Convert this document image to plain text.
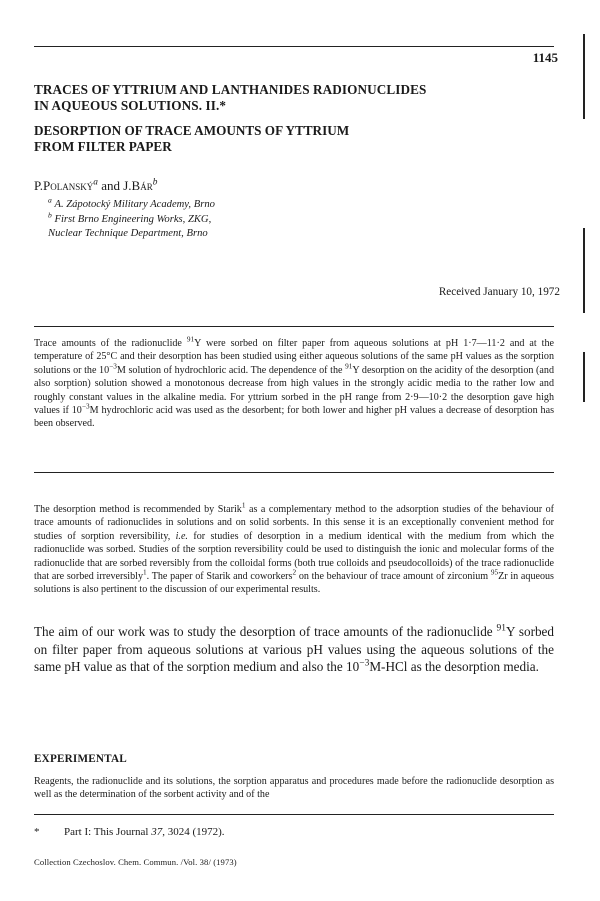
1145
TRACES OF YTTRIUM AND LANTHANIDES RADIONUCLIDES
IN AQUEOUS SOLUTIONS. II.*
DESORPTION OF TRACE AMOUNTS OF YTTRIUM
FROM FILTER PAPER
P.Polanský$^a$ and J.Bár$^b$
$^a$ A. Zápotocký Military Academy, Brno
$^b$ First Brno Engineering Works, ZKG,
Nuclear Technique Department, Brno
Received January 10, 1972

Trace amounts of the radionuclide $^{91}$Y were sorbed on filter paper from aqueous solutions at pH 1·7—11·2 and at the temperature of 25°C and their desorption has been studied using either aqueous solutions of the same pH values as the sorption solutions or the $10^{-3}M$ solution of hydrochloric acid. The dependence of the $^{91}$Y desorption on the acidity of the desorption (and also sorption) solution showed a monotonous decrease from high values in the strongly acidic media to the rather low and roughly constant values in the alkaline media. For yttrium sorbed in the pH range from 2·9—10·2 the desorption gave high values if $10^{-3}M$ hydrochloric acid was used as the desorbent; for both lower and higher pH values a decrease of desorption has been observed.

The desorption method is recommended by Starik$^1$ as a complementary method to the adsorption studies of the behaviour of trace amounts of radionuclides in solutions and on solid sorbents. In this sense it is an exceptionally convenient method for studies of sorption reversibility, i.e. for studies of desorption in a medium identical with the medium from which the radionuclide was sorbed. Studies of the sorption reversibility could be used to distinguish the ionic and molecular forms of the radionuclide that are sorbed reversibly from the colloidal forms (both true colloids and pseudocolloids) of the trace radionuclide that are sorbed irreversibly$^1$. The paper of Starik and coworkers$^2$ on the behaviour of trace amount of zirconium $^{95}$Zr in aqueous solutions is also pertinent to the discussion of our experimental results.

The aim of our work was to study the desorption of trace amounts of the radionuclide $^{91}$Y sorbed on filter paper from aqueous solutions at various pH values using the aqueous solutions of the same pH value as that of the sorption medium and also the $10^{-3}M$-HCl as the desorption media.

EXPERIMENTAL

Reagents, the radionuclide and its solutions, the sorption apparatus and procedures made before the radionuclide desorption as well as the determination of the sorbent activity and of the

* Part I: This Journal 37, 3024 (1972).
Collection Czechoslov. Chem. Commun. /Vol. 38/ (1973)
